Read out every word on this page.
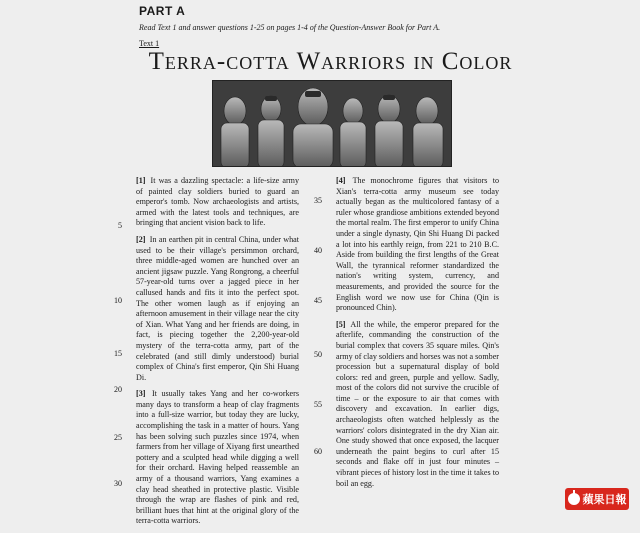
PART A
Read Text 1 and answer questions 1-25 on pages 1-4 of the Question-Answer Book for Part A.
Text 1
Terra-cotta Warriors in Color
5
10
15
20
25
30
35
40
45
50
55
60

[1] It was a dazzling spectacle: a life-size army of painted clay soldiers buried to guard an emperor's tomb. Now archaeologists and artists, armed with the latest tools and techniques, are bringing that ancient vision back to life.

[2] In an earthen pit in central China, under what used to be their village's persimmon orchard, three middle-aged women are hunched over an ancient jigsaw puzzle. Yang Rongrong, a cheerful 57-year-old turns over a jagged piece in her callused hands and fits it into the perfect spot. The other women laugh as if enjoying an afternoon amusement in their village near the city of Xian. What Yang and her friends are doing, in fact, is piecing together the 2,200-year-old mystery of the terra-cotta army, part of the celebrated (and still dimly understood) burial complex of China's first emperor, Qin Shi Huang Di.

[3] It usually takes Yang and her co-workers many days to transform a heap of clay fragments into a full-size warrior, but today they are lucky, accomplishing the task in a matter of hours. Yang has been solving such puzzles since 1974, when farmers from her village of Xiyang first unearthed pottery and a sculpted head while digging a well for their orchard. Having helped reassemble an army of a thousand warriors, Yang examines a clay head sheathed in protective plastic. Visible through the wrap are flashes of pink and red, brilliant hues that hint at the original glory of the terra-cotta warriors.

[4] The monochrome figures that visitors to Xian's terra-cotta army museum see today actually began as the multicolored fantasy of a ruler whose grandiose ambitions extended beyond the mortal realm. The first emperor to unify China under a single dynasty, Qin Shi Huang Di packed a lot into his earthly reign, from 221 to 210 B.C. Aside from building the first lengths of the Great Wall, the tyrannical reformer standardized the nation's writing system, currency, and measurements, and provided the source for the English word we now use for China (Qin is pronounced Chin).

[5] All the while, the emperor prepared for the afterlife, commanding the construction of the burial complex that covers 35 square miles. Qin's army of clay soldiers and horses was not a somber procession but a supernatural display of bold colors: red and green, purple and yellow. Sadly, most of the colors did not survive the crucible of time – or the exposure to air that comes with discovery and excavation. In earlier digs, archaeologists often watched helplessly as the warriors' colors disintegrated in the dry Xian air. One study showed that once exposed, the lacquer underneath the paint begins to curl after 15 seconds and flake off in just four minutes – vibrant pieces of history lost in the time it takes to boil an egg.

蘋果日報
